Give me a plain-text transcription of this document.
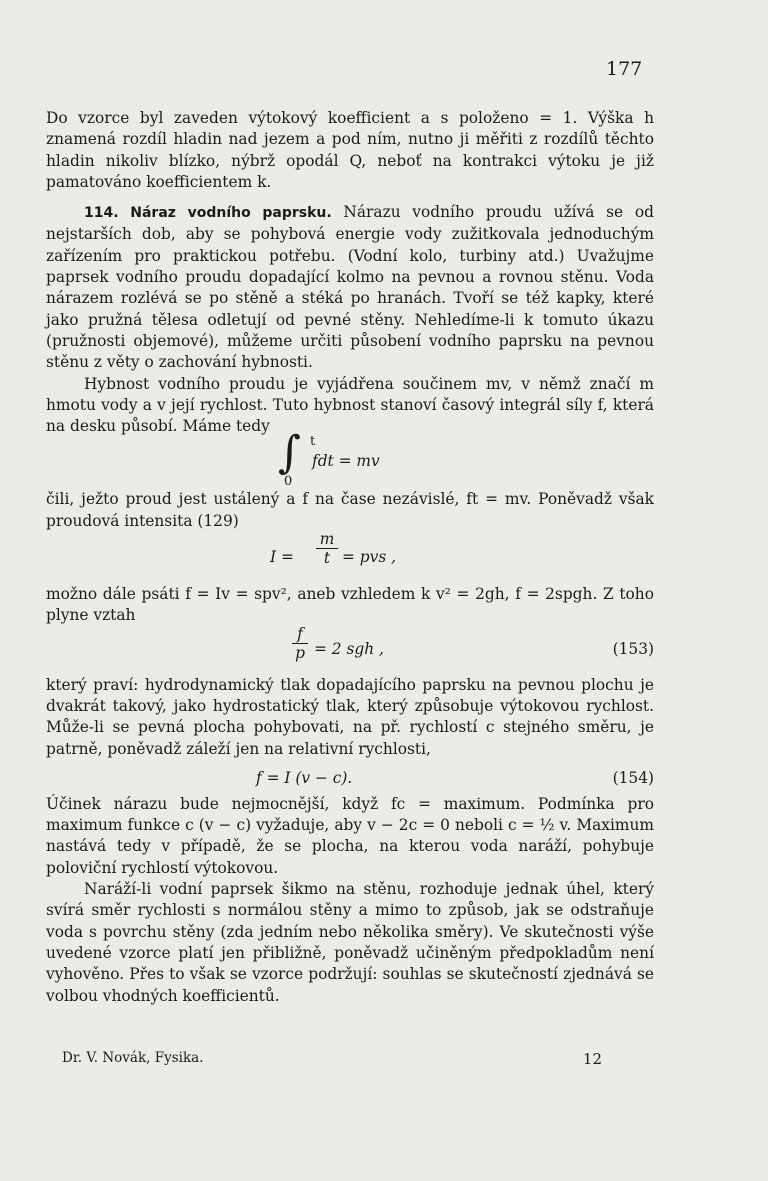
177

Do vzorce byl zaveden výtokový koefficient a s položeno = 1. Výška h znamená rozdíl hladin nad jezem a pod ním, nutno ji měřiti z rozdílů těchto hladin nikoliv blízko, nýbrž opodál Q, neboť na kontrakci výtoku je již pamatováno koefficientem k.

114. Náraz vodního paprsku. Nárazu vodního proudu užívá se od nejstarších dob, aby se pohybová energie vody zužitkovala jednoduchým zařízením pro praktickou potřebu. (Vodní kolo, turbiny atd.) Uvažujme paprsek vodního proudu dopadající kolmo na pevnou a rovnou stěnu. Voda nárazem rozlévá se po stěně a stéká po hranách. Tvoří se též kapky, které jako pružná tělesa odletují od pevné stěny. Nehledíme-li k tomuto úkazu (pružnosti objemové), můžeme určiti působení vodního paprsku na pevnou stěnu z věty o zachování hybnosti.

Hybnost vodního proudu je vyjádřena součinem mv, v němž značí m hmotu vody a v její rychlost. Tuto hybnost stanoví časový integrál síly f, která na desku působí. Máme tedy

∫ t
0
fdt = mv

čili, ježto proud jest ustálený a f na čase nezávislé, ft = mv. Poněvadž však proudová intensita (129)

I =
m
t = pvs ,

možno dále psáti f = Iv = spv², aneb vzhledem k v² = 2gh, f = 2spgh. Z toho plyne vztah

f
p = 2 sgh ,	(153)

který praví: hydrodynamický tlak dopadajícího paprsku na pevnou plochu je dvakrát takový, jako hydrostatický tlak, který způsobuje výtokovou rychlost. Může-li se pevná plocha pohybovati, na př. rychlostí c stejného směru, je patrně, poněvadž záleží jen na relativní rychlosti,

f = I (v − c).	(154)

Účinek nárazu bude nejmocnější, když fc = maximum. Podmínka pro maximum funkce c (v − c) vyžaduje, aby v − 2c = 0 neboli c = ½ v. Maximum nastává tedy v případě, že se plocha, na kterou voda naráží, pohybuje poloviční rychlostí výtokovou.

Naráží-li vodní paprsek šikmo na stěnu, rozhoduje jednak úhel, který svírá směr rychlosti s normálou stěny a mimo to způsob, jak se odstraňuje voda s povrchu stěny (zda jedním nebo několika směry). Ve skutečnosti výše uvedené vzorce platí jen přibližně, poněvadž učiněným předpokladům není vyhověno. Přes to však se vzorce podržují: souhlas se skutečností zjednává se volbou vhodných koefficientů.

Dr. V. Novák, Fysika.	12
